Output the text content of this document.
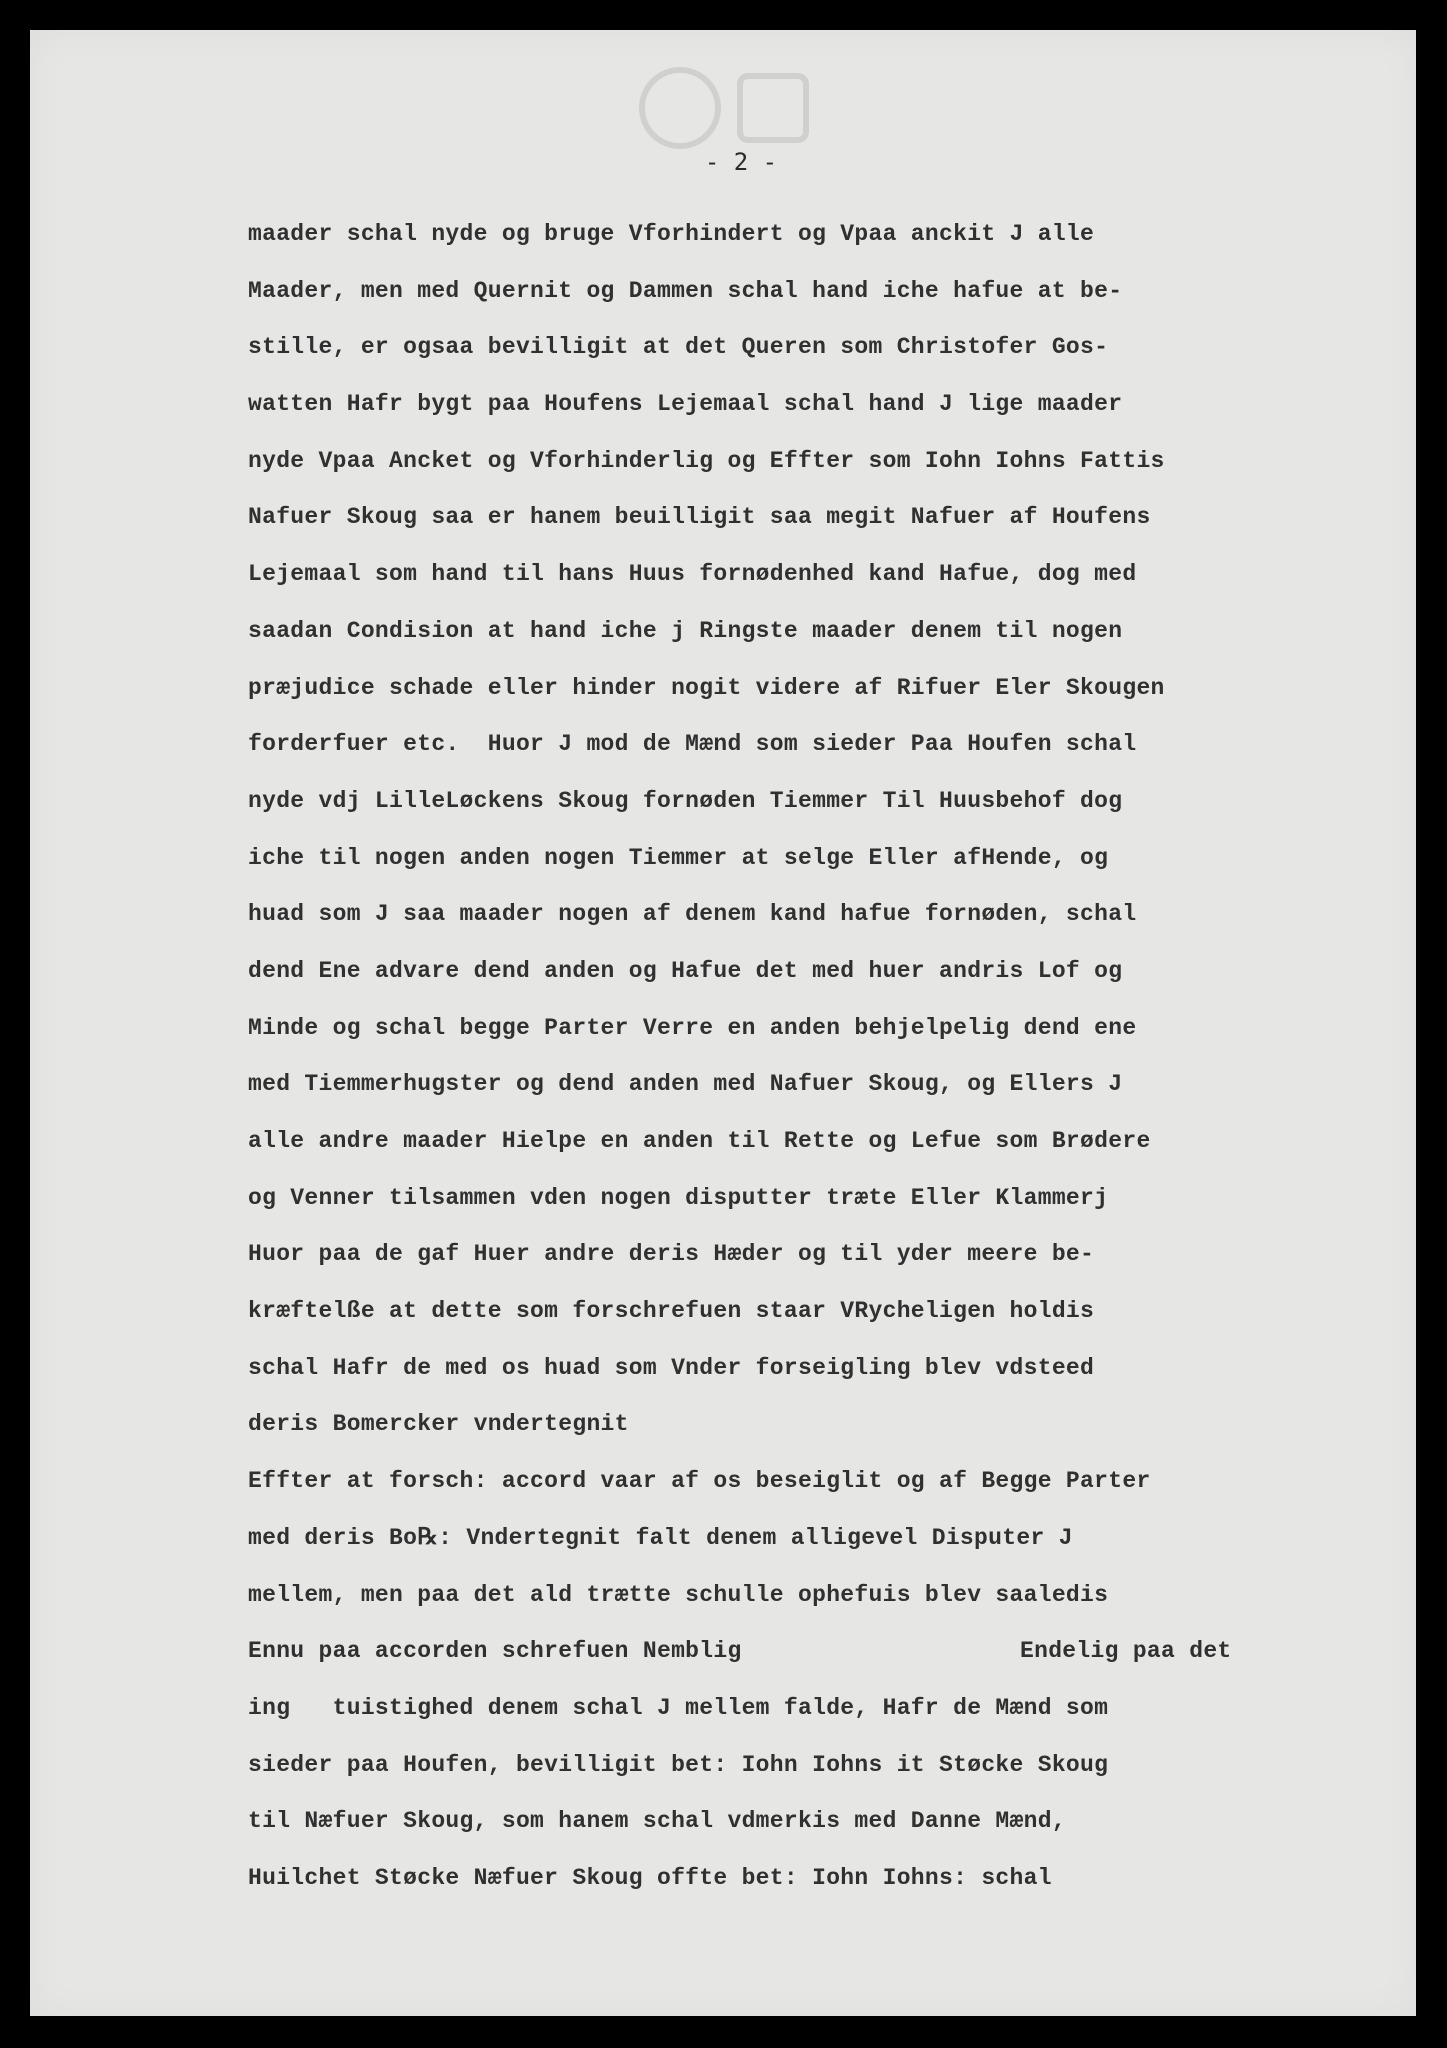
- 2 -
maader schal nyde og bruge Vforhindert og Vpaa anckit J alle
Maader, men med Quernit og Dammen schal hand iche hafue at be-
stille, er ogsaa bevilligit at det Queren som Christofer Gos-
watten Hafr bygt paa Houfens Lejemaal schal hand J lige maader
nyde Vpaa Ancket og Vforhinderlig og Effter som Iohn Iohns Fattis
Nafuer Skoug saa er hanem beuilligit saa megit Nafuer af Houfens
Lejemaal som hand til hans Huus fornødenhed kand Hafue, dog med
saadan Condision at hand iche j Ringste maader denem til nogen
præjudice schade eller hinder nogit videre af Rifuer Eler Skougen
forderfuer etc.  Huor J mod de Mænd som sieder Paa Houfen schal
nyde vdj LilleLøckens Skoug fornøden Tiemmer Til Huusbehof dog
iche til nogen anden nogen Tiemmer at selge Eller afHende, og
huad som J saa maader nogen af denem kand hafue fornøden, schal
dend Ene advare dend anden og Hafue det med huer andris Lof og
Minde og schal begge Parter Verre en anden behjelpelig dend ene
med Tiemmerhugster og dend anden med Nafuer Skoug, og Ellers J
alle andre maader Hielpe en anden til Rette og Lefue som Brødere
og Venner tilsammen vden nogen disputter træte Eller Klammerj
Huor paa de gaf Huer andre deris Hæder og til yder meere be-
kræftelße at dette som forschrefuen staar VRycheligen holdis
schal Hafr de med os huad som Vnder forseigling blev vdsteed
deris Bomercker vndertegnit
Effter at forsch: accord vaar af os beseiglit og af Begge Parter
med deris Bo℞: Vndertegnit falt denem alligevel Disputer J
mellem, men paa det ald trætte schulle ophefuis blev saaledis
Ennu paa accorden schrefuen Nemblig	Endelig paa det
ing   tuistighed denem schal J mellem falde, Hafr de Mænd som
sieder paa Houfen, bevilligit bet: Iohn Iohns it Støcke Skoug
til Næfuer Skoug, som hanem schal vdmerkis med Danne Mænd,
Huilchet Støcke Næfuer Skoug offte bet: Iohn Iohns: schal
